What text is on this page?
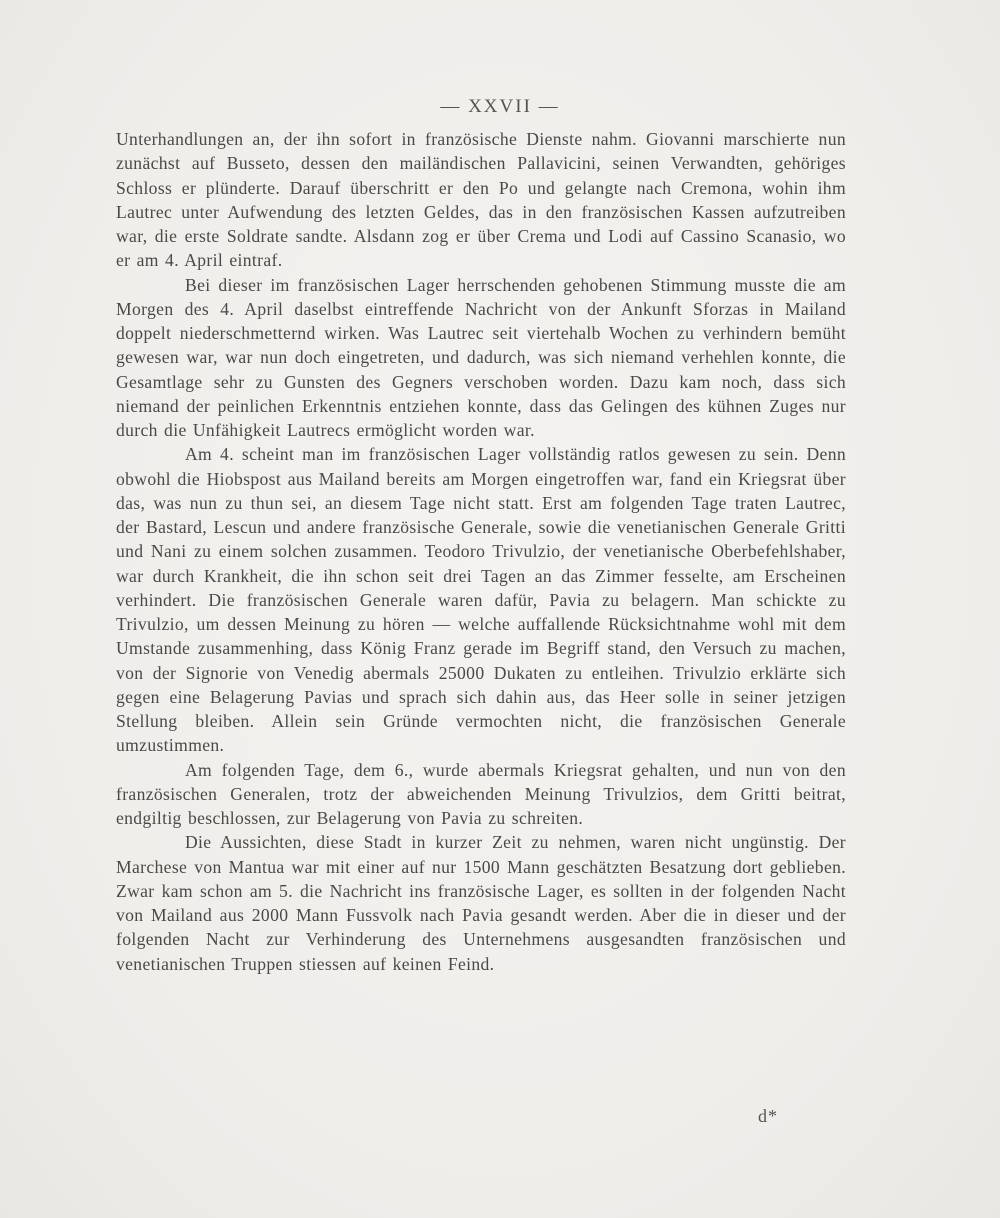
— XXVII —

Unterhandlungen an, der ihn sofort in französische Dienste nahm. Giovanni marschierte nun zunächst auf Busseto, dessen den mailändischen Pallavicini, seinen Verwandten, gehöriges Schloss er plünderte. Darauf überschritt er den Po und gelangte nach Cremona, wohin ihm Lautrec unter Aufwendung des letzten Geldes, das in den französischen Kassen aufzutreiben war, die erste Soldrate sandte. Alsdann zog er über Crema und Lodi auf Cassino Scanasio, wo er am 4. April eintraf.

Bei dieser im französischen Lager herrschenden gehobenen Stimmung musste die am Morgen des 4. April daselbst eintreffende Nachricht von der Ankunft Sforzas in Mailand doppelt niederschmetternd wirken. Was Lautrec seit viertehalb Wochen zu verhindern bemüht gewesen war, war nun doch eingetreten, und dadurch, was sich niemand verhehlen konnte, die Gesamtlage sehr zu Gunsten des Gegners verschoben worden. Dazu kam noch, dass sich niemand der peinlichen Erkenntnis entziehen konnte, dass das Gelingen des kühnen Zuges nur durch die Unfähigkeit Lautrecs ermöglicht worden war.

Am 4. scheint man im französischen Lager vollständig ratlos gewesen zu sein. Denn obwohl die Hiobspost aus Mailand bereits am Morgen eingetroffen war, fand ein Kriegsrat über das, was nun zu thun sei, an diesem Tage nicht statt. Erst am folgenden Tage traten Lautrec, der Bastard, Lescun und andere französische Generale, sowie die venetianischen Generale Gritti und Nani zu einem solchen zusammen. Teodoro Trivulzio, der venetianische Oberbefehlshaber, war durch Krankheit, die ihn schon seit drei Tagen an das Zimmer fesselte, am Erscheinen verhindert. Die französischen Generale waren dafür, Pavia zu belagern. Man schickte zu Trivulzio, um dessen Meinung zu hören — welche auffallende Rücksichtnahme wohl mit dem Umstande zusammenhing, dass König Franz gerade im Begriff stand, den Versuch zu machen, von der Signorie von Venedig abermals 25000 Dukaten zu entleihen. Trivulzio erklärte sich gegen eine Belagerung Pavias und sprach sich dahin aus, das Heer solle in seiner jetzigen Stellung bleiben. Allein sein Gründe vermochten nicht, die französischen Generale umzustimmen.

Am folgenden Tage, dem 6., wurde abermals Kriegsrat gehalten, und nun von den französischen Generalen, trotz der abweichenden Meinung Trivulzios, dem Gritti beitrat, endgiltig beschlossen, zur Belagerung von Pavia zu schreiten.

Die Aussichten, diese Stadt in kurzer Zeit zu nehmen, waren nicht ungünstig. Der Marchese von Mantua war mit einer auf nur 1500 Mann geschätzten Besatzung dort geblieben. Zwar kam schon am 5. die Nachricht ins französische Lager, es sollten in der folgenden Nacht von Mailand aus 2000 Mann Fussvolk nach Pavia gesandt werden. Aber die in dieser und der folgenden Nacht zur Verhinderung des Unternehmens ausgesandten französischen und venetianischen Truppen stiessen auf keinen Feind.

d*
